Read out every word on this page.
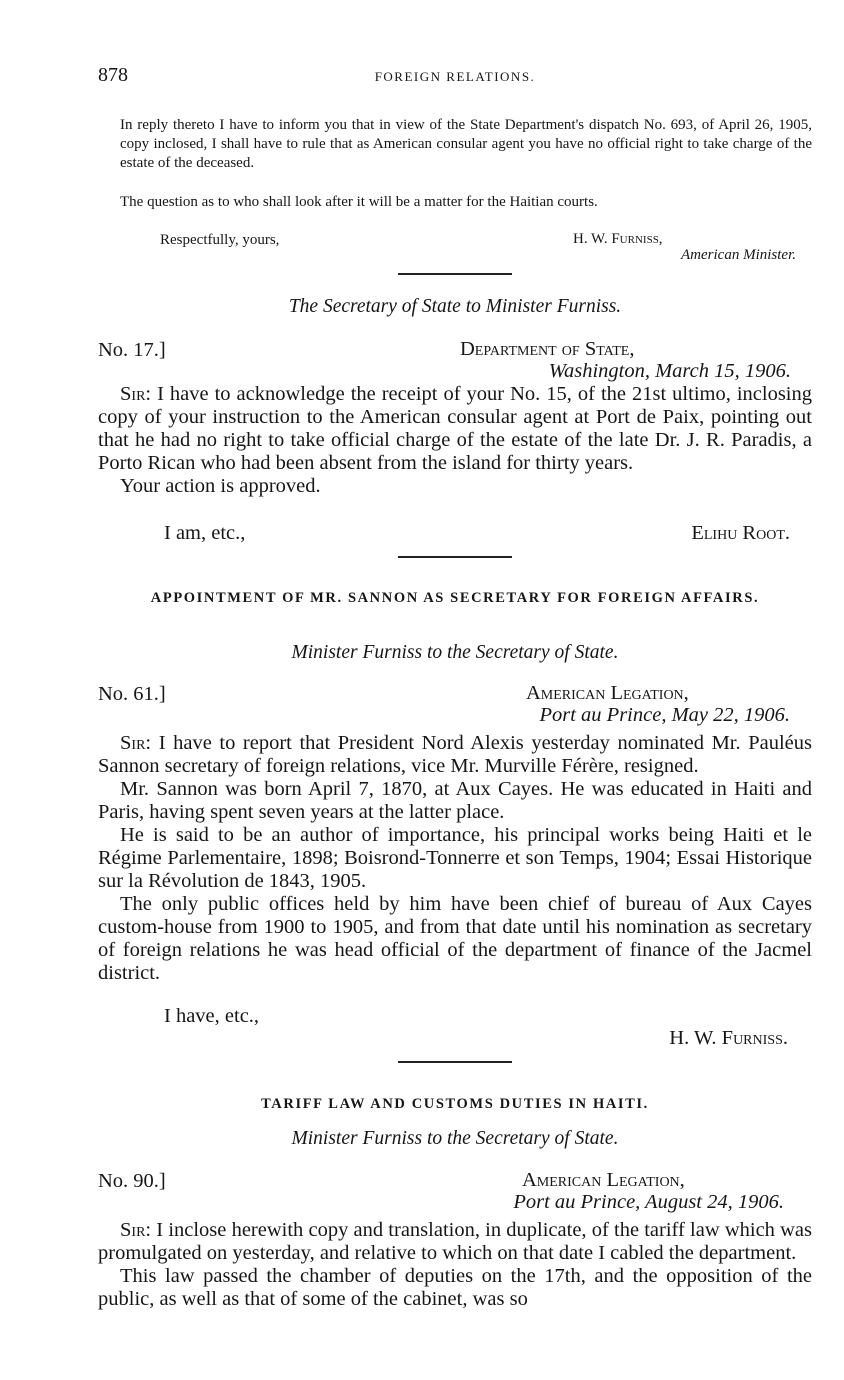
878	FOREIGN RELATIONS.

In reply thereto I have to inform you that in view of the State Department's dispatch No. 693, of April 26, 1905, copy inclosed, I shall have to rule that as American consular agent you have no official right to take charge of the estate of the deceased.

The question as to who shall look after it will be a matter for the Haitian courts.

Respectfully, yours,	H. W. Furniss,
American Minister.
The Secretary of State to Minister Furniss.
No. 17.]	Department of State,
Washington, March 15, 1906.

Sir: I have to acknowledge the receipt of your No. 15, of the 21st ultimo, inclosing copy of your instruction to the American consular agent at Port de Paix, pointing out that he had no right to take official charge of the estate of the late Dr. J. R. Paradis, a Porto Rican who had been absent from the island for thirty years.

Your action is approved.

I am, etc.,	Elihu Root.
APPOINTMENT OF MR. SANNON AS SECRETARY FOR FOREIGN AFFAIRS.
Minister Furniss to the Secretary of State.
No. 61.]	American Legation,
Port au Prince, May 22, 1906.

Sir: I have to report that President Nord Alexis yesterday nominated Mr. Pauléus Sannon secretary of foreign relations, vice Mr. Murville Férère, resigned.

Mr. Sannon was born April 7, 1870, at Aux Cayes. He was educated in Haiti and Paris, having spent seven years at the latter place.

He is said to be an author of importance, his principal works being Haiti et le Régime Parlementaire, 1898; Boisrond-Tonnerre et son Temps, 1904; Essai Historique sur la Révolution de 1843, 1905.

The only public offices held by him have been chief of bureau of Aux Cayes custom-house from 1900 to 1905, and from that date until his nomination as secretary of foreign relations he was head official of the department of finance of the Jacmel district.

I have, etc.,
H. W. Furniss.
TARIFF LAW AND CUSTOMS DUTIES IN HAITI.
Minister Furniss to the Secretary of State.
No. 90.]	American Legation,
Port au Prince, August 24, 1906.

Sir: I inclose herewith copy and translation, in duplicate, of the tariff law which was promulgated on yesterday, and relative to which on that date I cabled the department.

This law passed the chamber of deputies on the 17th, and the opposition of the public, as well as that of some of the cabinet, was so
